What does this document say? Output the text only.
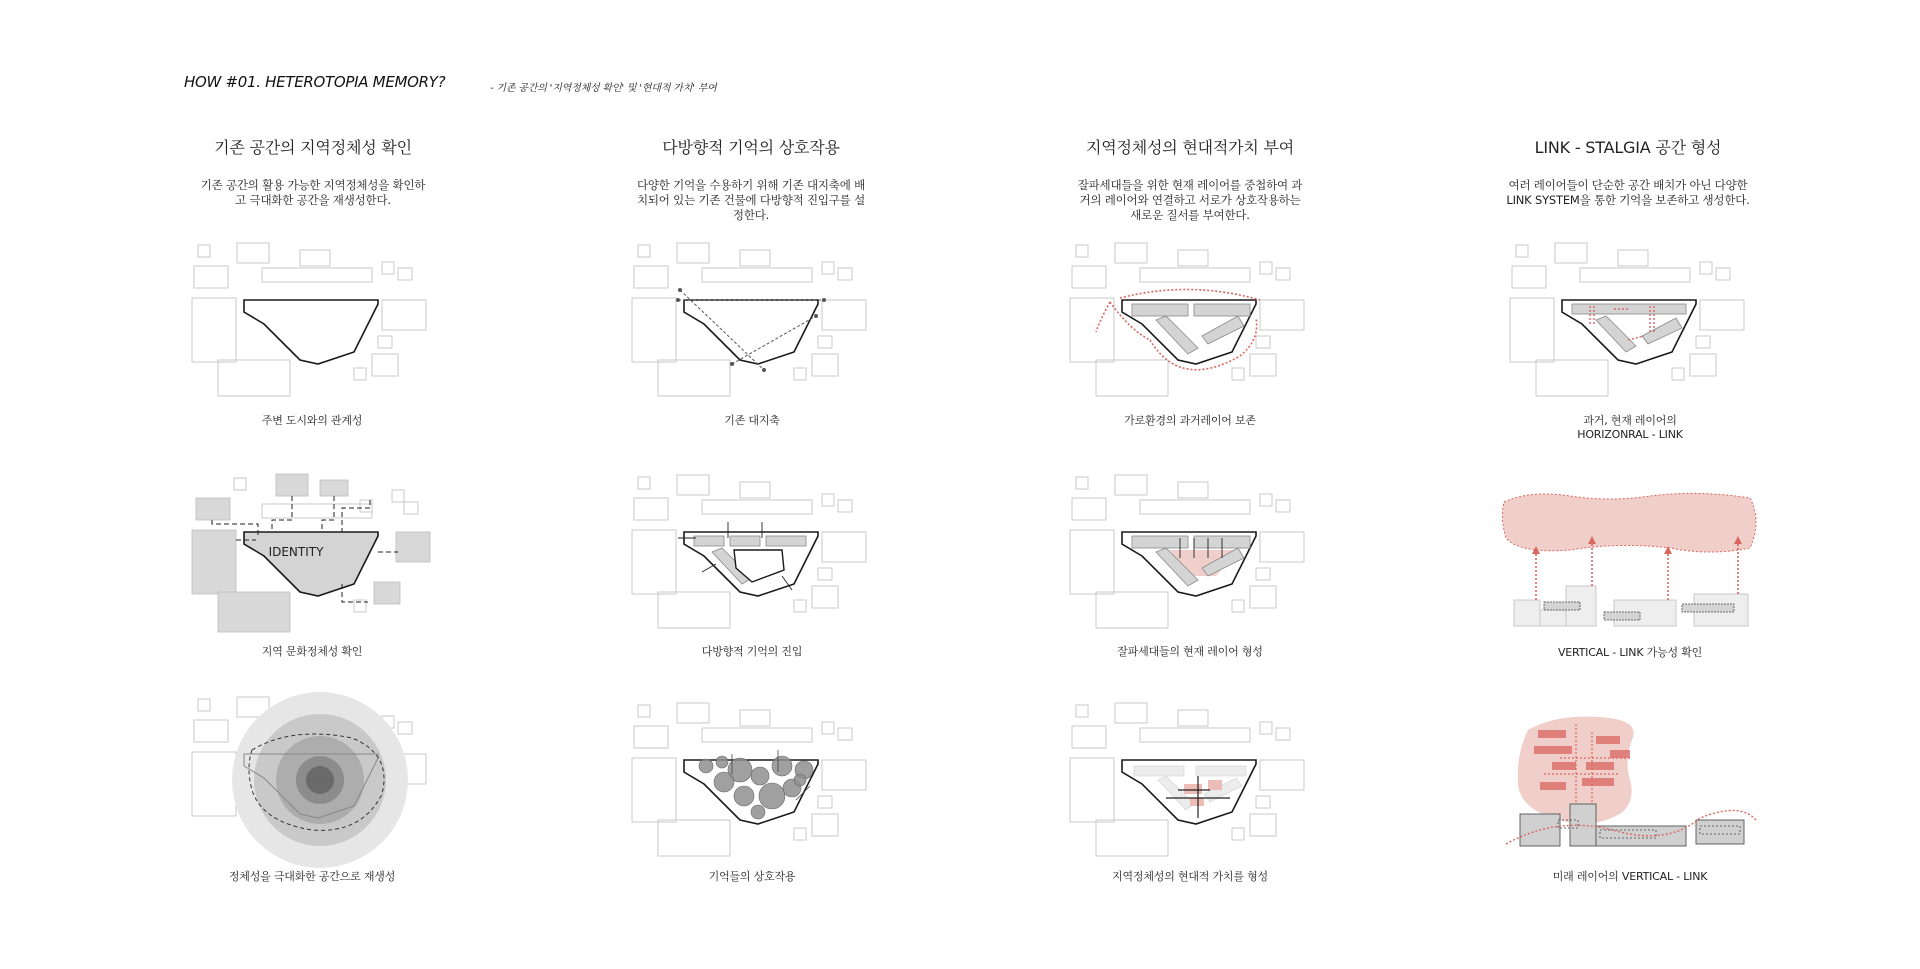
HOW #01. HETEROTOPIA MEMORY?	- 기존 공간의 '지역정체성 확인' 및 '현대적 가치' 부여
기존 공간의 지역정체성 확인
기존 공간의 활용 가능한 지역정체성을 확인하
고 극대화한 공간을 재생성한다.
다방향적 기억의 상호작용
다양한 기억을 수용하기 위해 기존 대지축에 배
치되어 있는 기존 건물에 다방향적 진입구를 설
정한다.
지역정체성의 현대적가치 부여
잘파세대들을 위한 현재 레이어를 중첩하여 과
거의 레이어와 연결하고 서로가 상호작용하는
새로운 질서를 부여한다.
LINK - STALGIA 공간 형성
여러 레이어들이 단순한 공간 배치가 아닌 다양한
LINK SYSTEM을 통한 기억을 보존하고 생성한다.
주변 도시와의 관계성	기존 대지축	가로환경의 과거레이어 보존	과거, 현재 레이어의
HORIZONRAL - LINK
IDENTITY
지역 문화정체성 확인	다방향적 기억의 진입	잘파세대들의 현재 레이어 형성	VERTICAL - LINK 가능성 확인
정체성을 극대화한 공간으로 재생성	기억들의 상호작용	지역정체성의 현대적 가치를 형성	미래 레이어의 VERTICAL - LINK
